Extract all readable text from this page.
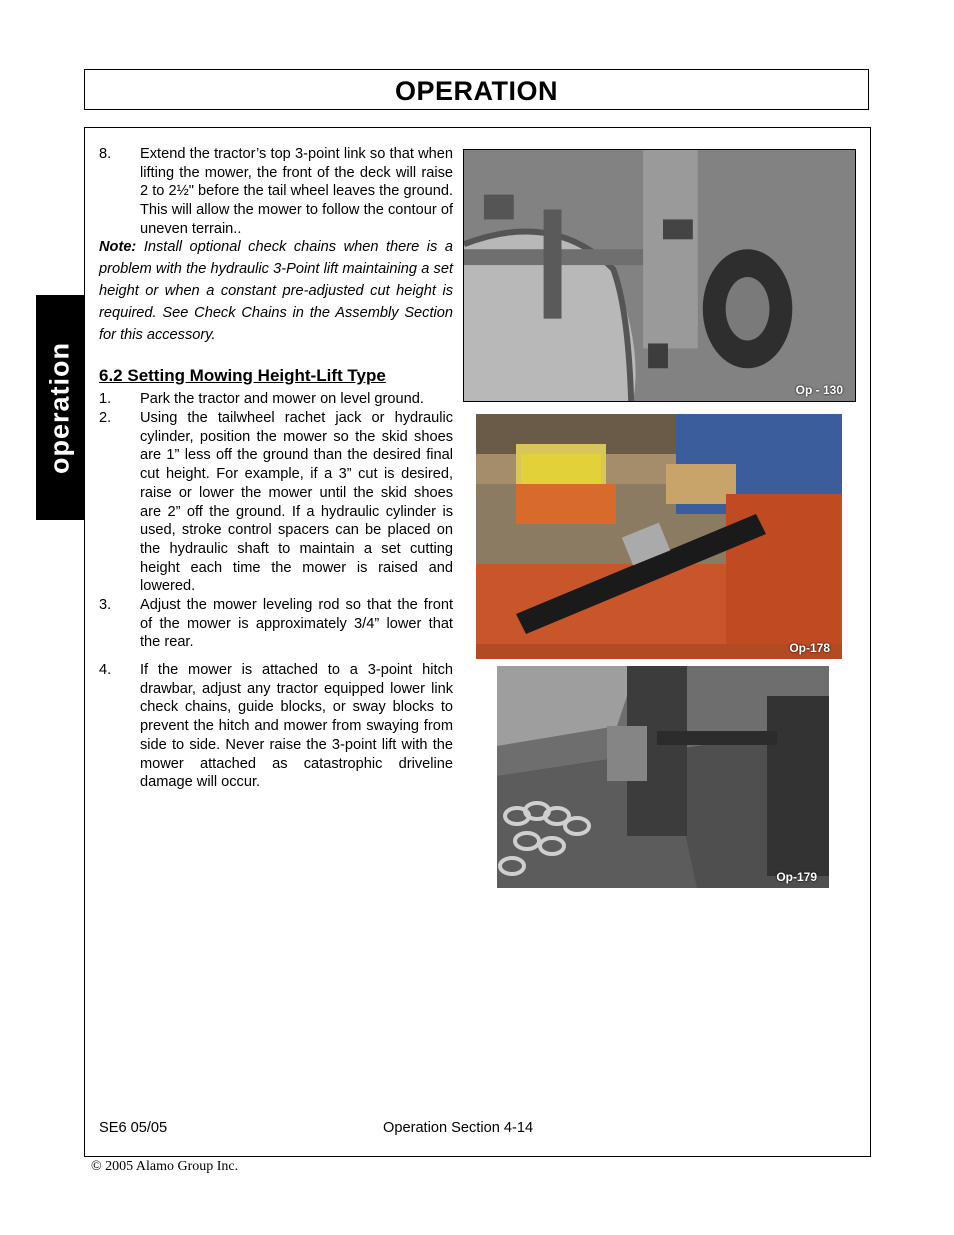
OPERATION
operation
8. Extend the tractor’s top 3-point link so that when lifting the mower, the front of the deck will raise 2 to 2½" before the tail wheel leaves the ground. This will allow the mower to follow the contour of uneven terrain..
Note: Install optional check chains when there is a problem with the hydraulic 3-Point lift maintaining a set height or when a constant pre-adjusted cut height is required. See Check Chains in the Assembly Section for this accessory.
6.2 Setting Mowing Height-Lift Type
1. Park the tractor and mower on level ground.
2. Using the tailwheel rachet jack or hydraulic cylinder, position the mower so the skid shoes are 1” less off the ground than the desired final cut height. For example, if a 3” cut is desired, raise or lower the mower until the skid shoes are 2” off the ground. If a hydraulic cylinder is used, stroke control spacers can be placed on the hydraulic shaft to maintain a set cutting height each time the mower is raised and lowered.
3. Adjust the mower leveling rod so that the front of the mower is approximately 3/4” lower that the rear.
4. If the mower is attached to a 3-point hitch drawbar, adjust any tractor equipped lower link check chains, guide blocks, or sway blocks to prevent the hitch and mower from swaying from side to side. Never raise the 3-point lift with the mower attached as catastrophic driveline damage will occur.
Op - 130
Op-178
Op-179
SE6 05/05	Operation Section 4-14
© 2005 Alamo Group Inc.
